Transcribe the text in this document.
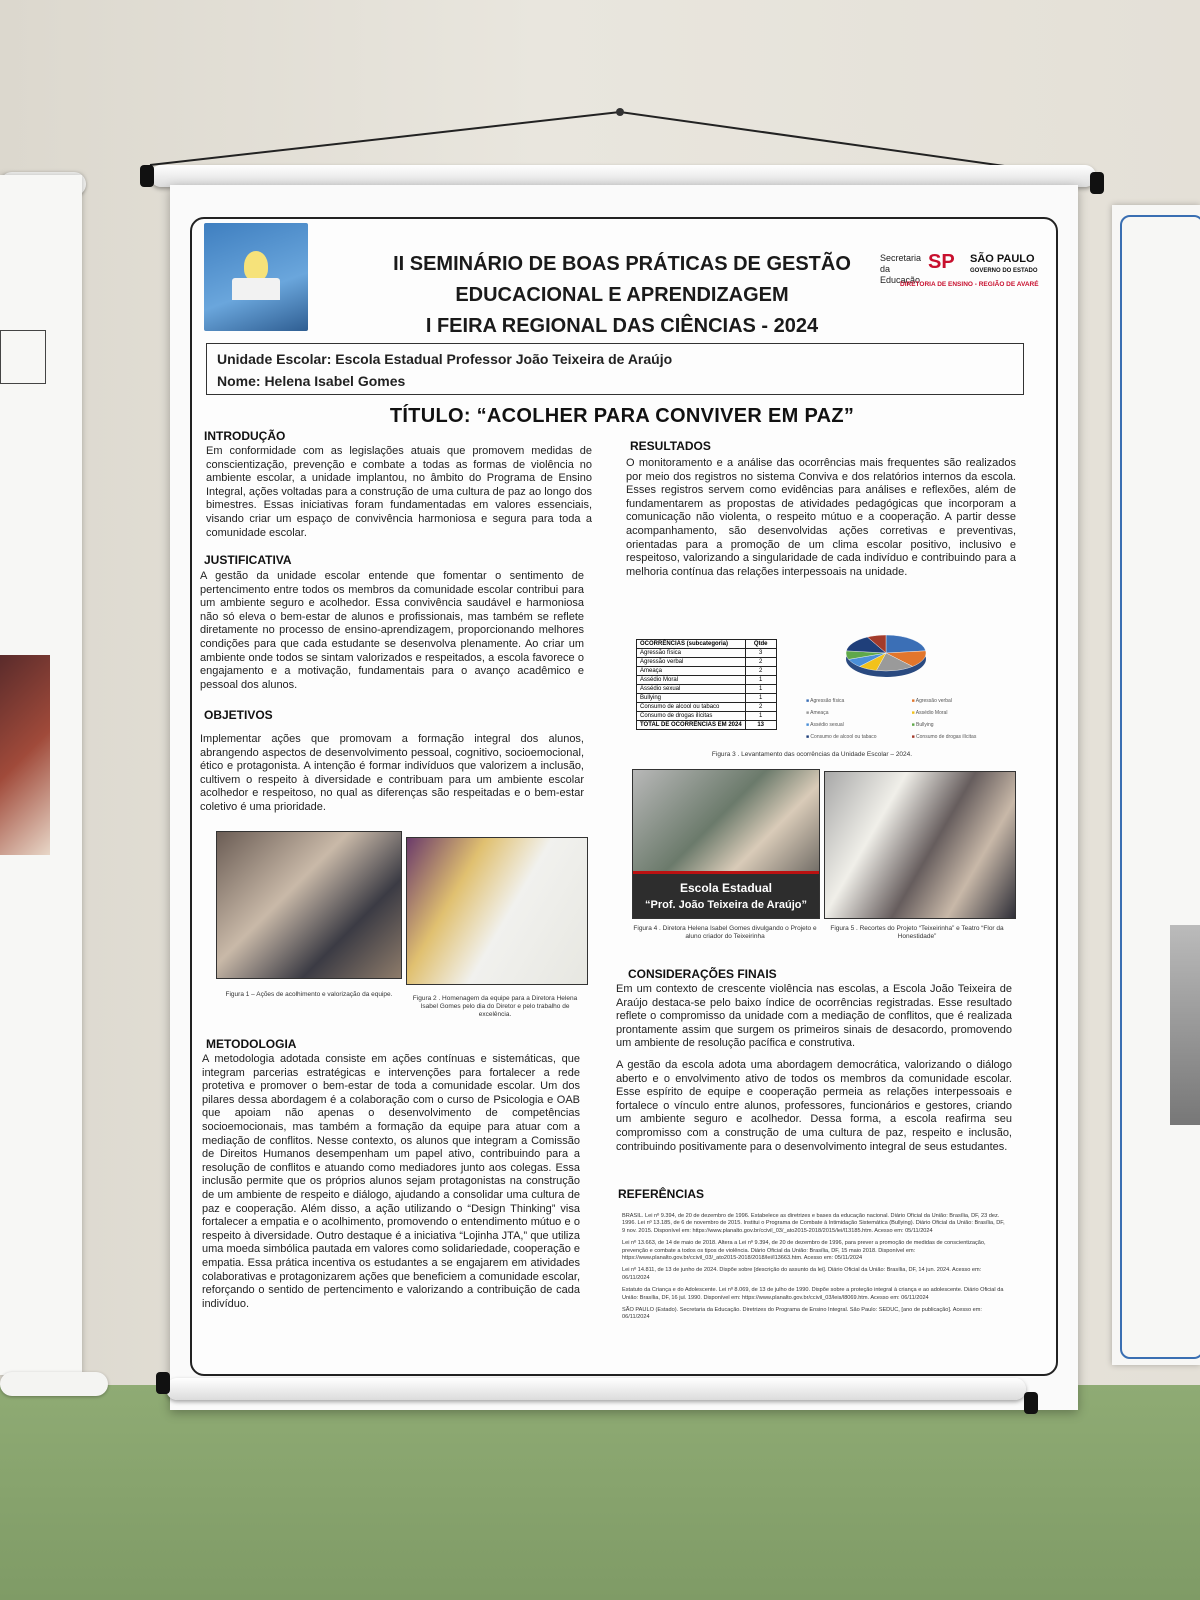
II SEMINÁRIO DE BOAS PRÁTICAS DE GESTÃO
EDUCACIONAL E APRENDIZAGEM
I FEIRA REGIONAL DAS CIÊNCIAS - 2024
Secretaria da Educação
SP SÃO PAULO
GOVERNO DO ESTADO
DIRETORIA DE ENSINO - REGIÃO DE AVARÉ
Unidade Escolar: Escola Estadual Professor João Teixeira de Araújo
Nome: Helena Isabel Gomes
TÍTULO: “ACOLHER PARA CONVIVER EM PAZ”
INTRODUÇÃO
Em conformidade com as legislações atuais que promovem medidas de conscientização, prevenção e combate a todas as formas de violência no ambiente escolar, a unidade implantou, no âmbito do Programa de Ensino Integral, ações voltadas para a construção de uma cultura de paz ao longo dos bimestres. Essas iniciativas foram fundamentadas em valores essenciais, visando criar um espaço de convivência harmoniosa e segura para toda a comunidade escolar.
JUSTIFICATIVA
A gestão da unidade escolar entende que fomentar o sentimento de pertencimento entre todos os membros da comunidade escolar contribui para um ambiente seguro e acolhedor. Essa convivência saudável e harmoniosa não só eleva o bem-estar de alunos e profissionais, mas também se reflete diretamente no processo de ensino-aprendizagem, proporcionando melhores condições para que cada estudante se desenvolva plenamente. Ao criar um ambiente onde todos se sintam valorizados e respeitados, a escola favorece o engajamento e a motivação, fundamentais para o avanço acadêmico e pessoal dos alunos.
OBJETIVOS
Implementar ações que promovam a formação integral dos alunos, abrangendo aspectos de desenvolvimento pessoal, cognitivo, socioemocional, ético e protagonista. A intenção é formar indivíduos que valorizem a inclusão, cultivem o respeito à diversidade e contribuam para um ambiente escolar acolhedor e respeitoso, no qual as diferenças são respeitadas e o bem-estar coletivo é uma prioridade.
Figura 1 – Ações de acolhimento e valorização da equipe.
Figura 2 . Homenagem da equipe para a Diretora Helena Isabel Gomes pelo dia do Diretor e pelo trabalho de excelência.
METODOLOGIA
A metodologia adotada consiste em ações contínuas e sistemáticas, que integram parcerias estratégicas e intervenções para fortalecer a rede protetiva e promover o bem-estar de toda a comunidade escolar. Um dos pilares dessa abordagem é a colaboração com o curso de Psicologia e OAB que apoiam não apenas o desenvolvimento de competências socioemocionais, mas também a formação da equipe para atuar com a mediação de conflitos. Nesse contexto, os alunos que integram a Comissão de Direitos Humanos desempenham um papel ativo, contribuindo para a resolução de conflitos e atuando como mediadores junto aos colegas. Essa inclusão permite que os próprios alunos sejam protagonistas na construção de um ambiente de respeito e diálogo, ajudando a consolidar uma cultura de paz e cooperação. Além disso, a ação utilizando o “Design Thinking” visa fortalecer a empatia e o acolhimento, promovendo o entendimento mútuo e o respeito à diversidade. Outro destaque é a iniciativa “Lojinha JTA,” que utiliza uma moeda simbólica pautada em valores como solidariedade, cooperação e empatia. Essa prática incentiva os estudantes a se engajarem em atividades colaborativas e protagonizarem ações que beneficiem a comunidade escolar, reforçando o sentido de pertencimento e valorizando a contribuição de cada indivíduo.
RESULTADOS
O monitoramento e a análise das ocorrências mais frequentes são realizados por meio dos registros no sistema Conviva e dos relatórios internos da escola. Esses registros servem como evidências para análises e reflexões, além de fundamentarem as propostas de atividades pedagógicas que incorporam a comunicação não violenta, o respeito mútuo e a cooperação. A partir desse acompanhamento, são desenvolvidas ações corretivas e preventivas, orientadas para a promoção de um clima escolar positivo, inclusivo e respeitoso, valorizando a singularidade de cada indivíduo e contribuindo para a melhoria contínua das relações interpessoais na unidade.
OCORRÊNCIAS (subcategoria)	Qtde
Agressão física	3
Agressão verbal	2
Ameaça	2
Assédio Moral	1
Assédio sexual	1
Bullying	1
Consumo de alcool ou tabaco	2
Consumo de drogas ilícitas	1
TOTAL DE OCORRÊNCIAS EM 2024	13
■ Agressão física	■ Agressão verbal■ Ameaça	■ Assédio Moral■ Assédio sexual	■ Bullying■ Consumo de alcool ou tabaco	■ Consumo de drogas ilícitas
Figura 3 . Levantamento das ocorrências da Unidade Escolar – 2024.
Escola Estadual
“Prof. João Teixeira de Araújo”
Figura 4 . Diretora Helena Isabel Gomes divulgando o Projeto e aluno criador do Teixeirinha
Figura 5 . Recortes do Projeto “Teixeirinha” e Teatro “Flor da Honestidade”
CONSIDERAÇÕES FINAIS

Em um contexto de crescente violência nas escolas, a Escola João Teixeira de Araújo destaca-se pelo baixo índice de ocorrências registradas. Esse resultado reflete o compromisso da unidade com a mediação de conflitos, que é realizada prontamente assim que surgem os primeiros sinais de desacordo, promovendo um ambiente de resolução pacífica e construtiva.

A gestão da escola adota uma abordagem democrática, valorizando o diálogo aberto e o envolvimento ativo de todos os membros da comunidade escolar. Esse espírito de equipe e cooperação permeia as relações interpessoais e fortalece o vínculo entre alunos, professores, funcionários e gestores, criando um ambiente seguro e acolhedor. Dessa forma, a escola reafirma seu compromisso com a construção de uma cultura de paz, respeito e inclusão, contribuindo positivamente para o desenvolvimento integral de seus estudantes.

REFERÊNCIAS

BRASIL. Lei nº 9.394, de 20 de dezembro de 1996. Estabelece as diretrizes e bases da educação nacional. Diário Oficial da União: Brasília, DF, 23 dez. 1996. Lei nº 13.185, de 6 de novembro de 2015. Institui o Programa de Combate à Intimidação Sistemática (Bullying). Diário Oficial da União: Brasília, DF, 9 nov. 2015. Disponível em: https://www.planalto.gov.br/ccivil_03/_ato2015-2018/2015/lei/l13185.htm. Acesso em: 05/11/2024

Lei nº 13.663, de 14 de maio de 2018. Altera a Lei nº 9.394, de 20 de dezembro de 1996, para prever a promoção de medidas de conscientização, prevenção e combate a todos os tipos de violência. Diário Oficial da União: Brasília, DF, 15 maio 2018. Disponível em: https://www.planalto.gov.br/ccivil_03/_ato2015-2018/2018/lei/l13663.htm. Acesso em: 05/11/2024

Lei nº 14.811, de 13 de junho de 2024. Dispõe sobre [descrição do assunto da lei]. Diário Oficial da União: Brasília, DF, 14 jun. 2024. Acesso em: 06/11/2024

Estatuto da Criança e do Adolescente. Lei nº 8.069, de 13 de julho de 1990. Dispõe sobre a proteção integral à criança e ao adolescente. Diário Oficial da União: Brasília, DF, 16 jul. 1990. Disponível em: https://www.planalto.gov.br/ccivil_03/leis/l8069.htm. Acesso em: 06/11/2024

SÃO PAULO (Estado). Secretaria da Educação. Diretrizes do Programa de Ensino Integral. São Paulo: SEDUC, [ano de publicação]. Acesso em: 06/11/2024
